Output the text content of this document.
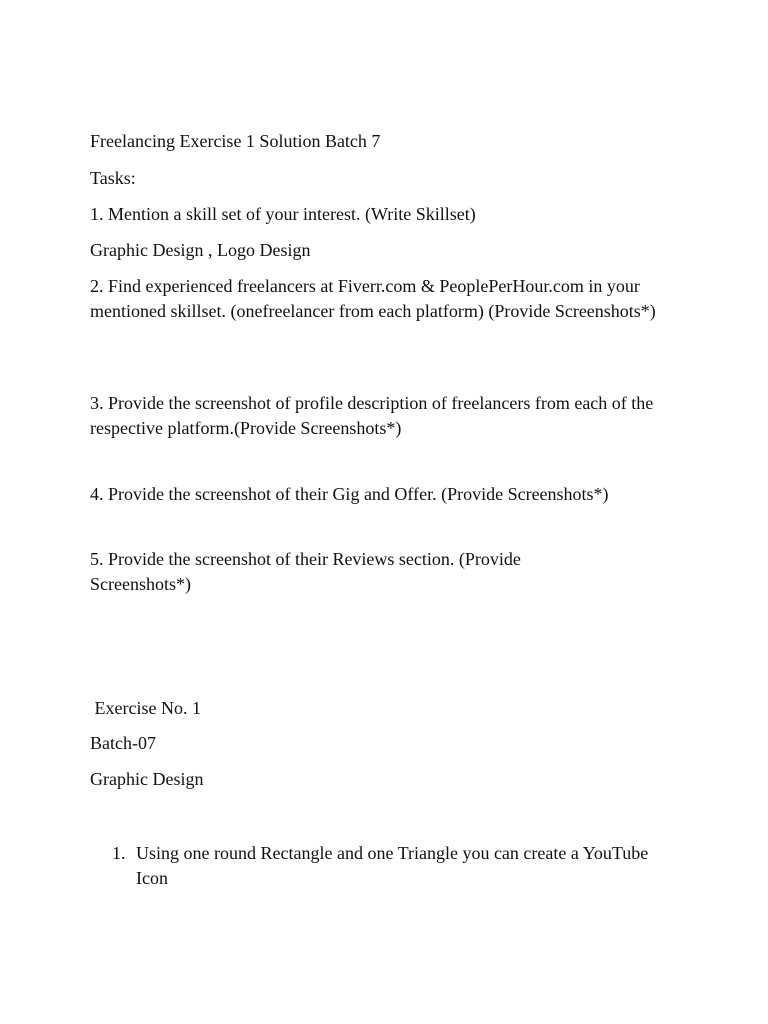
Freelancing Exercise 1 Solution Batch 7

Tasks:

1. Mention a skill set of your interest. (Write Skillset)

Graphic Design , Logo Design

2. Find experienced freelancers at Fiverr.com & PeoplePerHour.com in your mentioned skillset. (onefreelancer from each platform) (Provide Screenshots*)

3. Provide the screenshot of profile description of freelancers from each of the respective platform.(Provide Screenshots*)

4. Provide the screenshot of their Gig and Offer. (Provide Screenshots*)

5. Provide the screenshot of their Reviews section. (Provide Screenshots*)

Exercise No. 1

Batch-07

Graphic Design

1. Using one round Rectangle and one Triangle you can create a YouTube Icon
